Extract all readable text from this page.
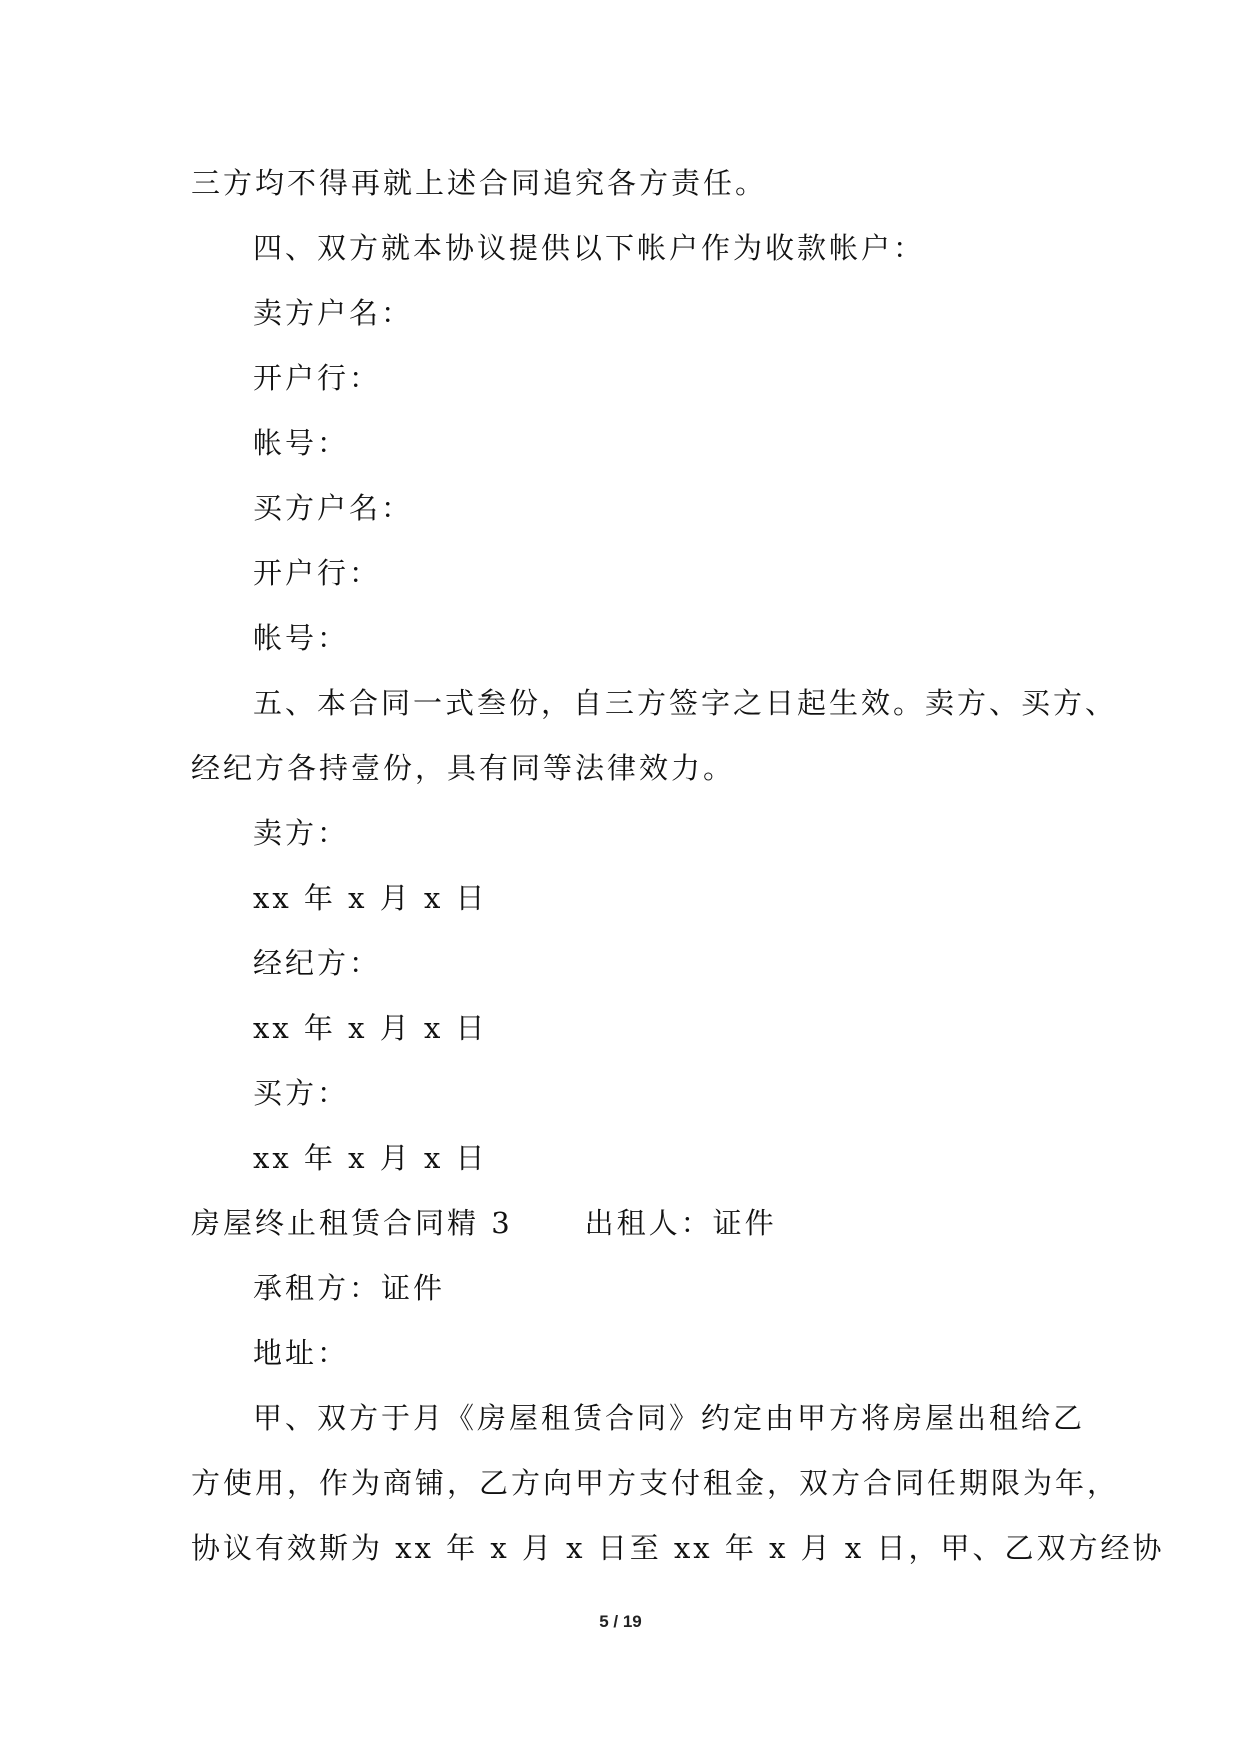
三方均不得再就上述合同追究各方责任。
四、双方就本协议提供以下帐户作为收款帐户：
卖方户名：
开户行：
帐号：
买方户名：
开户行：
帐号：
五、本合同一式叁份，自三方签字之日起生效。卖方、买方、
经纪方各持壹份，具有同等法律效力。
卖方：
xx 年 x 月 x 日
经纪方：
xx 年 x 月 x 日
买方：
xx 年 x 月 x 日
房屋终止租赁合同精 3 出租人：证件
承租方：证件
地址：
甲、双方于月《房屋租赁合同》约定由甲方将房屋出租给乙
方使用，作为商铺，乙方向甲方支付租金，双方合同任期限为年，
协议有效斯为 xx 年 x 月 x 日至 xx 年 x 月 x 日，甲、乙双方经协
5 / 19
